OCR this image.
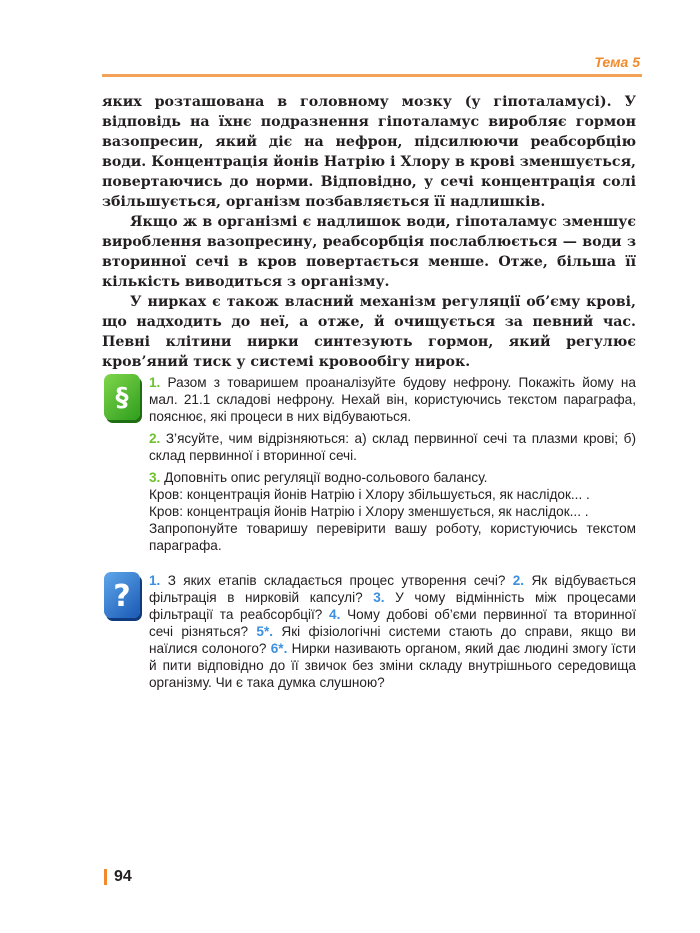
Тема 5

яких розташована в головному мозку (у гіпоталамусі). У відповідь на їхнє подразнення гіпоталамус виробляє гормон вазопресин, який діє на нефрон, підсилюючи реабсорбцію води. Концентрація йонів Натрію і Хлору в крові зменшується, повертаючись до норми. Відповідно, у сечі концентрація солі збільшується, організм позбавляється її надлишків.

Якщо ж в організмі є надлишок води, гіпоталамус зменшує вироблення вазопресину, реабсорбція послаблюється — води з вторинної сечі в кров повертається менше. Отже, більша її кількість виводиться з організму.

У нирках є також власний механізм регуляції об’єму крові, що надходить до неї, а отже, й очищується за певний час. Певні клітини нирки синтезують гормон, який регулює кров’яний тиск у системі кровообігу нирок.

§
1. Разом з товаришем проаналізуйте будову нефрону. Покажіть йому на мал. 21.1 складові нефрону. Нехай він, користуючись текстом параграфа, пояснює, які процеси в них відбуваються.
2. З’ясуйте, чим відрізняються: а) склад первинної сечі та плазми крові; б) склад первинної і вторинної сечі.
3. Доповніть опис регуляції водно-сольового балансу.
Кров: концентрація йонів Натрію і Хлору збільшується, як наслідок... .
Кров: концентрація йонів Натрію і Хлору зменшується, як наслідок... .
Запропонуйте товаришу перевірити вашу роботу, користуючись текстом параграфа.
? 1. З яких етапів складається процес утворення сечі? 2. Як відбувається фільтрація в нирковій капсулі? 3. У чому відмінність між процесами фільтрації та реабсорбції? 4. Чому добові об’єми первинної та вторинної сечі різняться? 5*. Які фізіологічні системи стають до справи, якщо ви наїлися солоного? 6*. Нирки називають органом, який дає людині змогу їсти й пити відповідно до її звичок без зміни складу внутрішнього середовища організму. Чи є така думка слушною?
94
